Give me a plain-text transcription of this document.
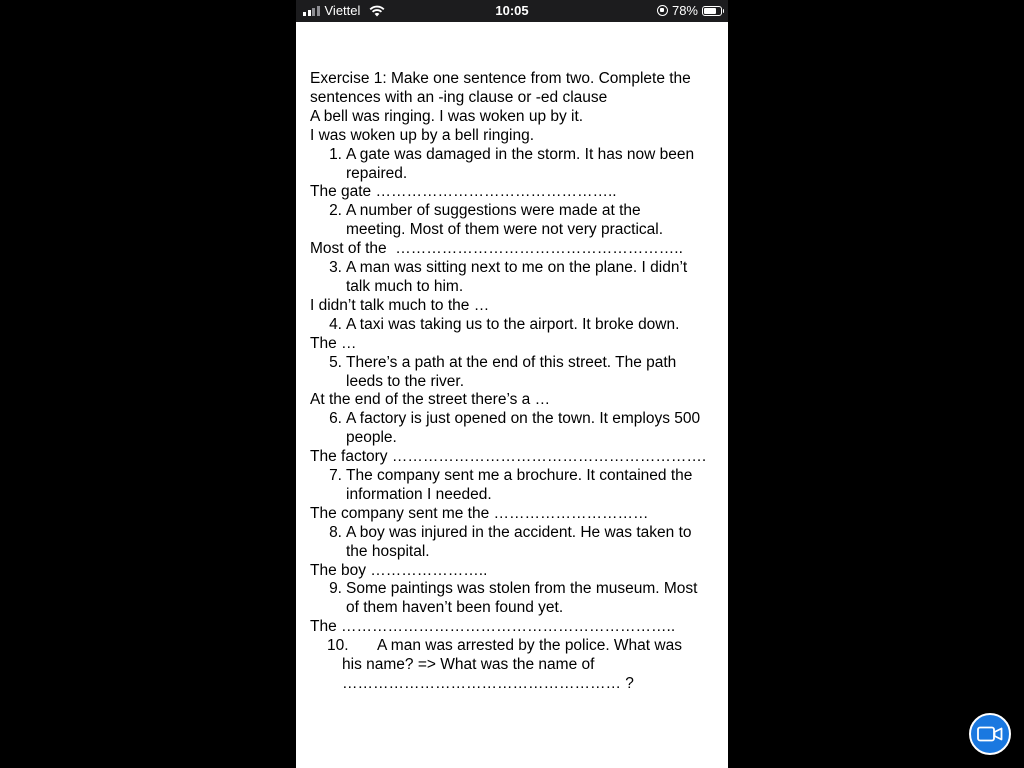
Viettel	10:05	78%
Exercise 1: Make one sentence from two. Complete the
sentences with an -ing clause or -ed clause
A bell was ringing. I was woken up by it.
I was woken up by a bell ringing.
1. A gate was damaged in the storm. It has now been
repaired.
The gate ………………………………………..
2. A number of suggestions were made at the
meeting. Most of them were not very practical.
Most of the  ………………………………………………..
3. A man was sitting next to me on the plane. I didn’t
talk much to him.
I didn’t talk much to the …
4. A taxi was taking us to the airport. It broke down.
The …
5. There’s a path at the end of this street. The path
leeds to the river.
At the end of the street there’s a …
6. A factory is just opened on the town. It employs 500
people.
The factory …………………………………………………….
7. The company sent me a brochure. It contained the
information I needed.
The company sent me the …………………………
8. A boy was injured in the accident. He was taken to
the hospital.
The boy …………………..
9. Some paintings was stolen from the museum. Most
of them haven’t been found yet.
The ………………………………………………………..
10.	A man was arrested by the police. What was
his name? => What was the name of
……………………………………………… ?
